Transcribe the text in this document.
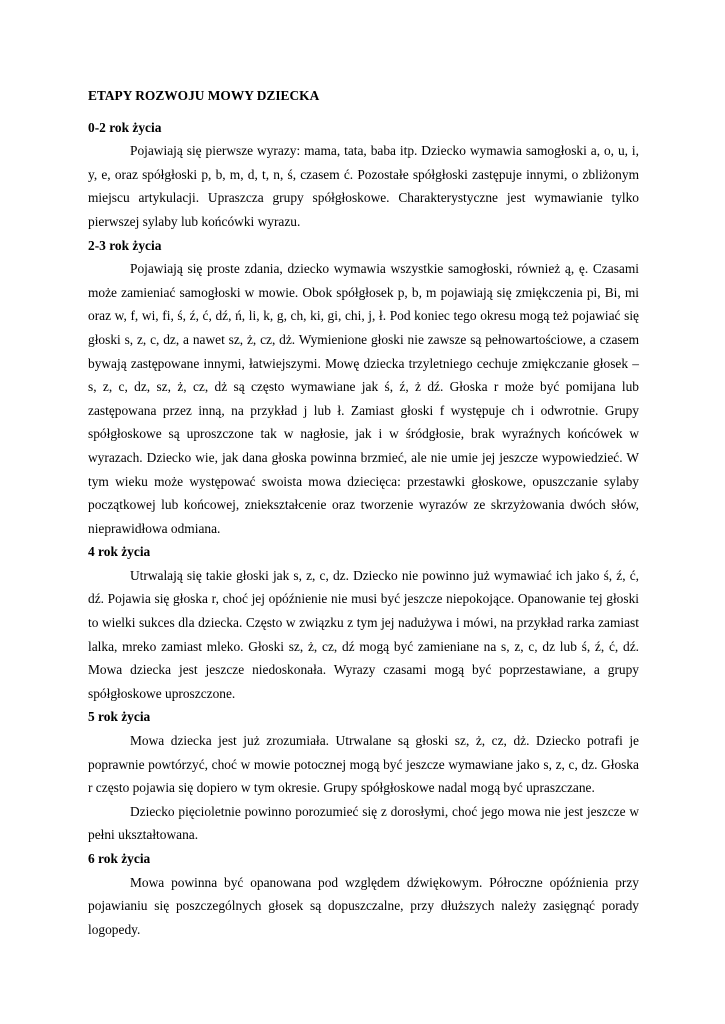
ETAPY ROZWOJU MOWY DZIECKA
0-2 rok życia

Pojawiają się pierwsze wyrazy: mama, tata, baba itp. Dziecko wymawia samogłoski a, o, u, i, y, e, oraz spółgłoski p, b, m, d, t, n, ś, czasem ć. Pozostałe spółgłoski zastępuje innymi, o zbliżonym miejscu artykulacji. Upraszcza grupy spółgłoskowe. Charakterystyczne jest wymawianie tylko pierwszej sylaby lub końcówki wyrazu.

2-3 rok życia

Pojawiają się proste zdania, dziecko wymawia wszystkie samogłoski, również ą, ę. Czasami może zamieniać samogłoski w mowie. Obok spółgłosek p, b, m pojawiają się zmiękczenia pi, Bi, mi oraz w, f, wi, fi, ś, ź, ć, dź, ń, li, k, g, ch, ki, gi, chi, j, ł. Pod koniec tego okresu mogą też pojawiać się głoski s, z, c, dz, a nawet sz, ż, cz, dż. Wymienione głoski nie zawsze są pełnowartościowe, a czasem bywają zastępowane innymi, łatwiejszymi. Mowę dziecka trzyletniego cechuje zmiękczanie głosek – s, z, c, dz, sz, ż, cz, dż są często wymawiane jak ś, ź, ż dź. Głoska r może być pomijana lub zastępowana przez inną, na przykład j lub ł. Zamiast głoski f występuje ch i odwrotnie. Grupy spółgłoskowe są uproszczone tak w nagłosie, jak i w śródgłosie, brak wyraźnych końcówek w wyrazach. Dziecko wie, jak dana głoska powinna brzmieć, ale nie umie jej jeszcze wypowiedzieć. W tym wieku może występować swoista mowa dziecięca: przestawki głoskowe, opuszczanie sylaby początkowej lub końcowej, zniekształcenie oraz tworzenie wyrazów ze skrzyżowania dwóch słów, nieprawidłowa odmiana.

4 rok życia

Utrwalają się takie głoski jak s, z, c, dz. Dziecko nie powinno już wymawiać ich jako ś, ź, ć, dź. Pojawia się głoska r, choć jej opóźnienie nie musi być jeszcze niepokojące. Opanowanie tej głoski to wielki sukces dla dziecka. Często w związku z tym jej nadużywa i mówi, na przykład rarka zamiast lalka, mreko zamiast mleko. Głoski sz, ż, cz, dź mogą być zamieniane na s, z, c, dz lub ś, ź, ć, dź. Mowa dziecka jest jeszcze niedoskonała. Wyrazy czasami mogą być poprzestawiane, a grupy spółgłoskowe uproszczone.

5 rok życia

Mowa dziecka jest już zrozumiała. Utrwalane są głoski sz, ż, cz, dż. Dziecko potrafi je poprawnie powtórzyć, choć w mowie potocznej mogą być jeszcze wymawiane jako s, z, c, dz. Głoska r często pojawia się dopiero w tym okresie. Grupy spółgłoskowe nadal mogą być upraszczane.

Dziecko pięcioletnie powinno porozumieć się z dorosłymi, choć jego mowa nie jest jeszcze w pełni ukształtowana.

6 rok życia

Mowa powinna być opanowana pod względem dźwiękowym. Półroczne opóźnienia przy pojawianiu się poszczególnych głosek są dopuszczalne, przy dłuższych należy zasięgnąć porady logopedy.
